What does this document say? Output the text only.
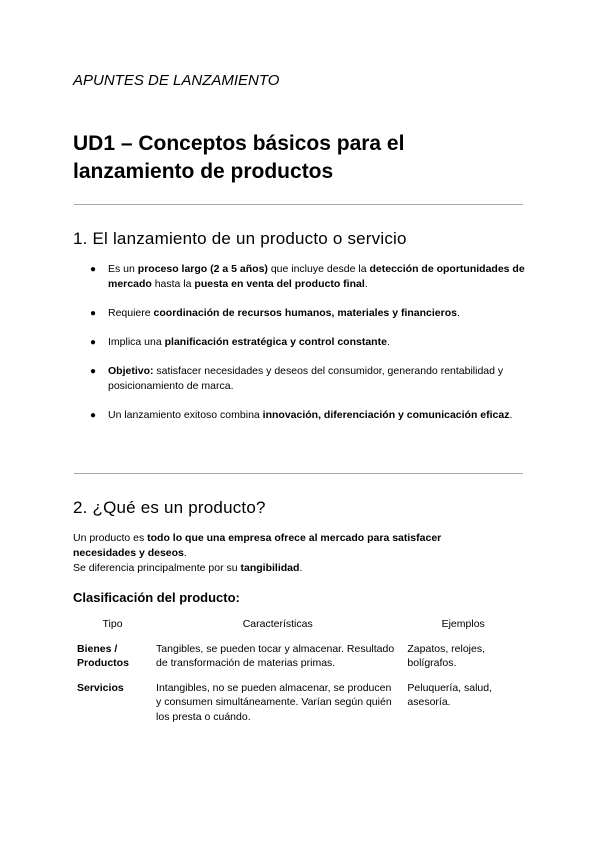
APUNTES DE LANZAMIENTO
UD1 – Conceptos básicos para el
lanzamiento de productos
1. El lanzamiento de un producto o servicio
● Es un proceso largo (2 a 5 años) que incluye desde la detección de oportunidades de mercado hasta la puesta en venta del producto final.
● Requiere coordinación de recursos humanos, materiales y financieros.
● Implica una planificación estratégica y control constante.
● Objetivo: satisfacer necesidades y deseos del consumidor, generando rentabilidad y posicionamiento de marca.
● Un lanzamiento exitoso combina innovación, diferenciación y comunicación eficaz.
2. ¿Qué es un producto?
Un producto es todo lo que una empresa ofrece al mercado para satisfacer necesidades y deseos.
Se diferencia principalmente por su tangibilidad.
Clasificación del producto:
Tipo	Características	Ejemplos
Bienes / Productos	Tangibles, se pueden tocar y almacenar. Resultado de transformación de materias primas.	Zapatos, relojes, bolígrafos.
Servicios	Intangibles, no se pueden almacenar, se producen y consumen simultáneamente. Varían según quién los presta o cuándo.	Peluquería, salud, asesoría.
